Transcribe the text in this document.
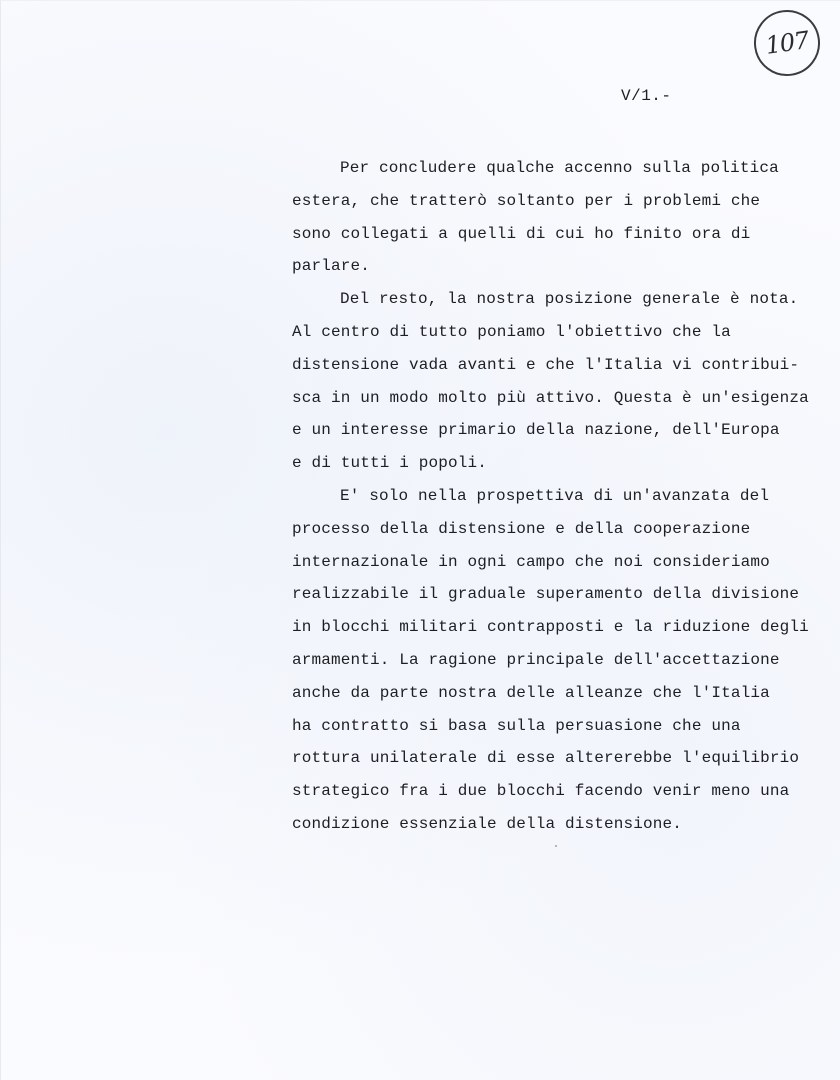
107
V/1.-
Per concludere qualche accenno sulla politica
estera, che tratterò soltanto per i problemi che
sono collegati a quelli di cui ho finito ora di
parlare.
Del resto, la nostra posizione generale è nota.
Al centro di tutto poniamo l'obiettivo che la
distensione vada avanti e che l'Italia vi contribui-
sca in un modo molto più attivo. Questa è un'esigenza
e un interesse primario della nazione, dell'Europa
e di tutti i popoli.
E' solo nella prospettiva di un'avanzata del
processo della distensione e della cooperazione
internazionale in ogni campo che noi consideriamo
realizzabile il graduale superamento della divisione
in blocchi militari contrapposti e la riduzione degli
armamenti. La ragione principale dell'accettazione
anche da parte nostra delle alleanze che l'Italia
ha contratto si basa sulla persuasione che una
rottura unilaterale di esse altererebbe l'equilibrio
strategico fra i due blocchi facendo venir meno una
condizione essenziale della distensione.
